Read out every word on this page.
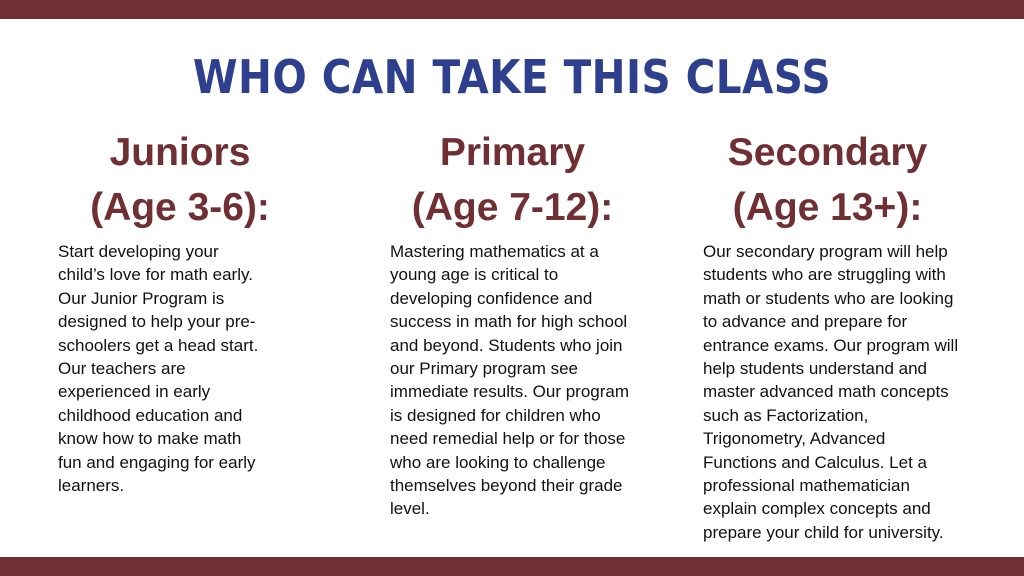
WHO CAN TAKE THIS CLASS
Juniors
(Age 3-6):
Primary
(Age 7-12):
Secondary
(Age 13+):
Start developing your
child’s love for math early.
Our Junior Program is
designed to help your pre-
schoolers get a head start.
Our teachers are
experienced in early
childhood education and
know how to make math
fun and engaging for early
learners.
Mastering mathematics at a
young age is critical to
developing confidence and
success in math for high school
and beyond. Students who join
our Primary program see
immediate results. Our program
is designed for children who
need remedial help or for those
who are looking to challenge
themselves beyond their grade
level.
Our secondary program will help
students who are struggling with
math or students who are looking
to advance and prepare for
entrance exams. Our program will
help students understand and
master advanced math concepts
such as Factorization,
Trigonometry, Advanced
Functions and Calculus. Let a
professional mathematician
explain complex concepts and
prepare your child for university.
